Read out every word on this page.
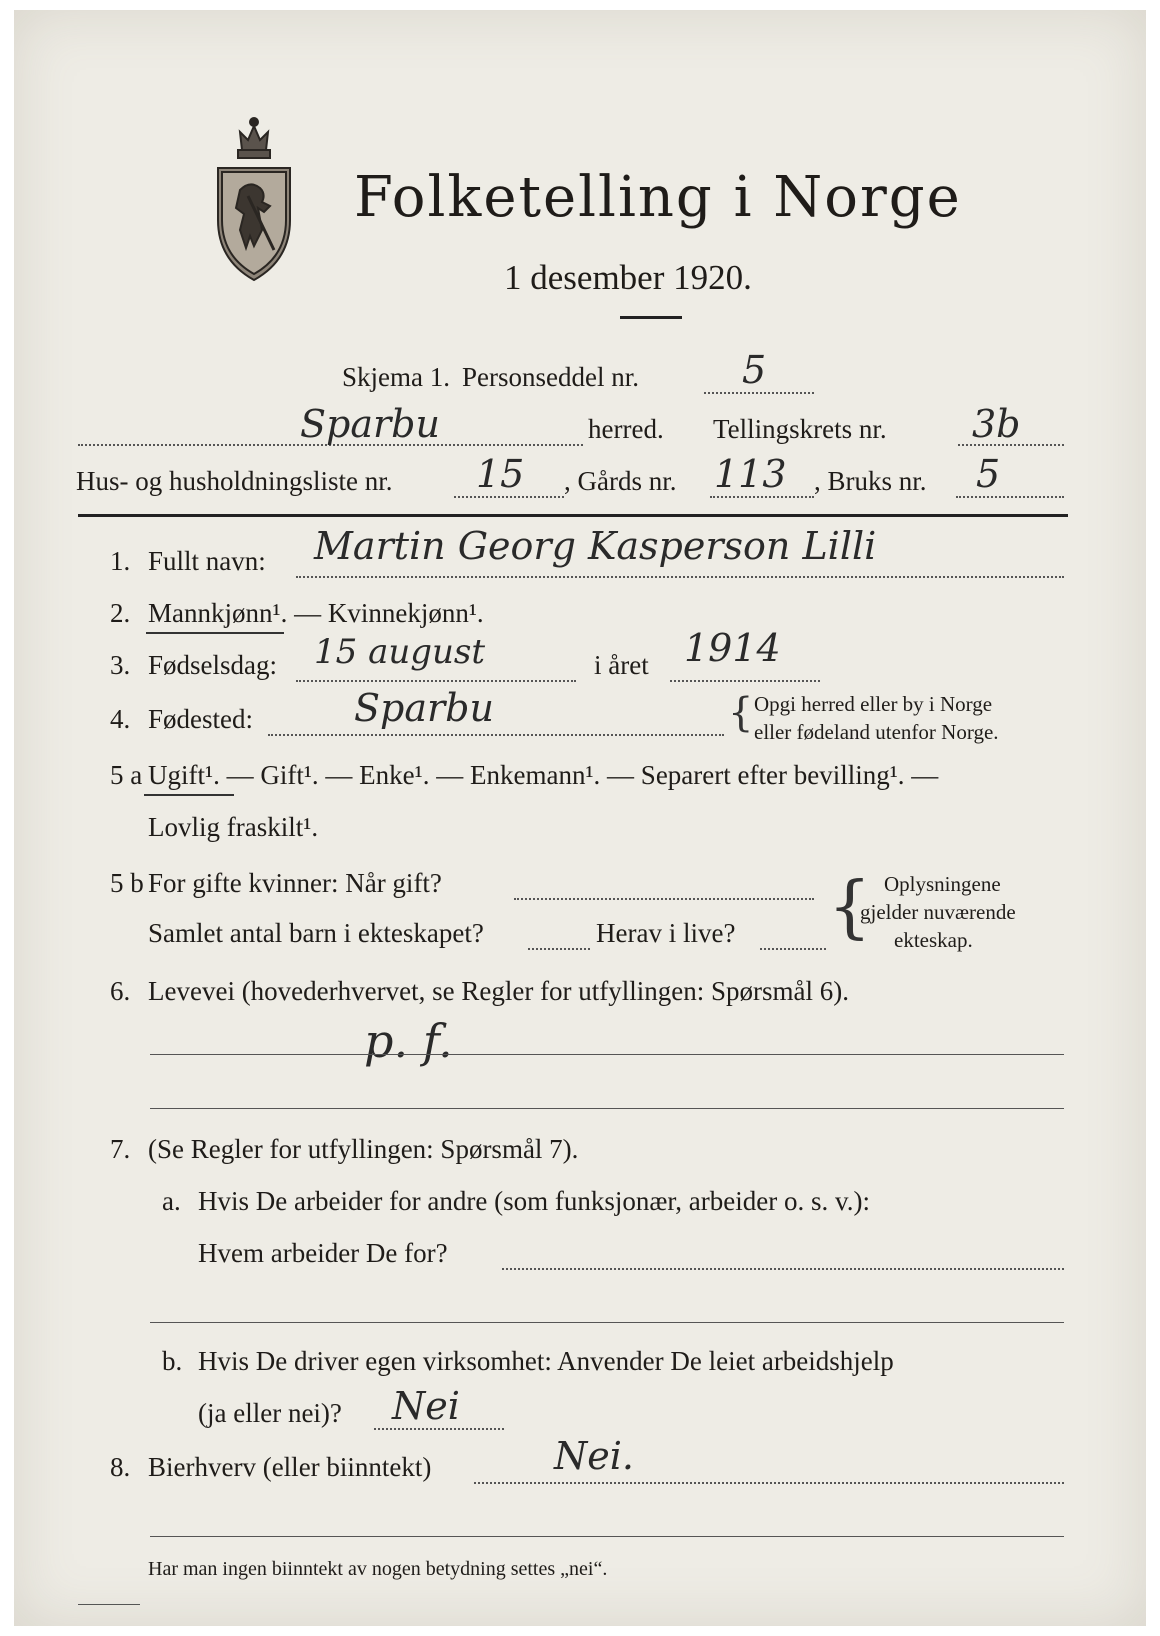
Folketelling i Norge
1 desember 1920.
Skjema 1. Personseddel nr.	5
Sparbu	herred. Tellingskrets nr. 3b
Hus- og husholdningsliste nr. 15 , Gårds nr. 113 , Bruks nr. 5
1. Fullt navn: Martin Georg Kasperson Lilli
2. Mannkjønn¹. — Kvinnekjønn¹.
3. Fødselsdag: 15 august	i året 1914
4. Fødested:	Sparbu	{ Opgi herred eller by i Norge
eller fødeland utenfor Norge.
5 a Ugift¹. — Gift¹. — Enke¹. — Enkemann¹. — Separert efter bevilling¹. —
Lovlig fraskilt¹.
5 b For gifte kvinner: Når gift?
Samlet antal barn i ekteskapet?	Herav i live? { Oplysningene
gjelder nuværende
ekteskap.
6. Levevei (hovederhvervet, se Regler for utfyllingen: Spørsmål 6).
p. f.
7. (Se Regler for utfyllingen: Spørsmål 7).
a. Hvis De arbeider for andre (som funksjonær, arbeider o. s. v.):
Hvem arbeider De for?
b. Hvis De driver egen virksomhet: Anvender De leiet arbeidshjelp
(ja eller nei)? Nei
8. Bierhverv (eller biinntekt)	Nei.
Har man ingen biinntekt av nogen betydning settes „nei“.
